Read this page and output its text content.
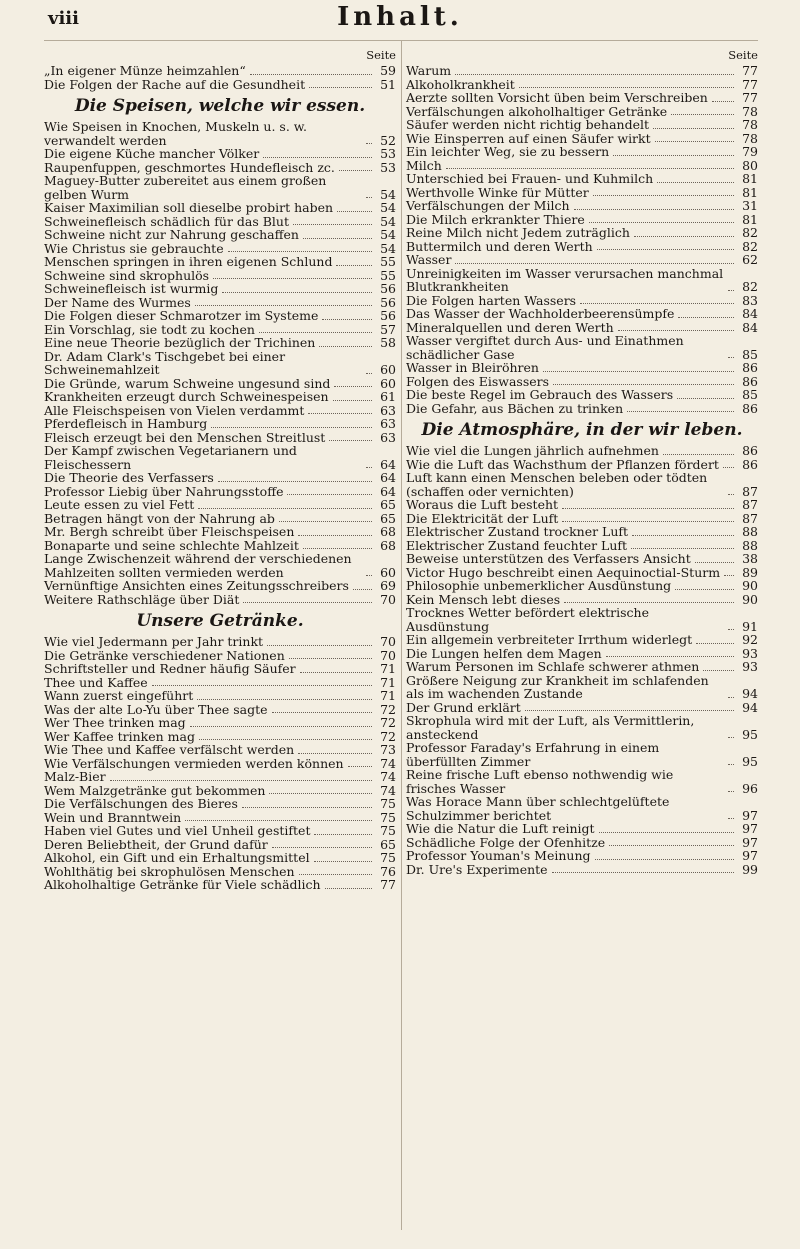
viii	Inhalt.
Seite
„In eigener Münze heimzahlen“	59
Die Folgen der Rache auf die Gesundheit	51
Die Speisen, welche wir essen.
Wie Speisen in Knochen, Muskeln u. s. w. verwandelt werden	52
Die eigene Küche mancher Völker	53
Raupenfuppen, geschmortes Hundefleisch zc.	53
Maguey-Butter zubereitet aus einem großen gelben Wurm	54
Kaiser Maximilian soll dieselbe probirt haben	54
Schweinefleisch schädlich für das Blut	54
Schweine nicht zur Nahrung geschaffen	54
Wie Christus sie gebrauchte	54
Menschen springen in ihren eigenen Schlund	55
Schweine sind skrophulös	55
Schweinefleisch ist wurmig	56
Der Name des Wurmes	56
Die Folgen dieser Schmarotzer im Systeme	56
Ein Vorschlag, sie todt zu kochen	57
Eine neue Theorie bezüglich der Trichinen	58
Dr. Adam Clark's Tischgebet bei einer Schweinemahlzeit	60
Die Gründe, warum Schweine ungesund sind	60
Krankheiten erzeugt durch Schweinespeisen	61
Alle Fleischspeisen von Vielen verdammt	63
Pferdefleisch in Hamburg	63
Fleisch erzeugt bei den Menschen Streitlust	63
Der Kampf zwischen Vegetarianern und Fleischessern	64
Die Theorie des Verfassers	64
Professor Liebig über Nahrungsstoffe	64
Leute essen zu viel Fett	65
Betragen hängt von der Nahrung ab	65
Mr. Bergh schreibt über Fleischspeisen	68
Bonaparte und seine schlechte Mahlzeit	68
Lange Zwischenzeit während der verschiedenen Mahlzeiten sollten vermieden werden	60
Vernünftige Ansichten eines Zeitungsschreibers	69
Weitere Rathschläge über Diät	70
Unsere Getränke.
Wie viel Jedermann per Jahr trinkt	70
Die Getränke verschiedener Nationen	70
Schriftsteller und Redner häufig Säufer	71
Thee und Kaffee	71
Wann zuerst eingeführt	71
Was der alte Lo-Yu über Thee sagte	72
Wer Thee trinken mag	72
Wer Kaffee trinken mag	72
Wie Thee und Kaffee verfälscht werden	73
Wie Verfälschungen vermieden werden können	74
Malz-Bier	74
Wem Malzgetränke gut bekommen	74
Die Verfälschungen des Bieres	75
Wein und Branntwein	75
Haben viel Gutes und viel Unheil gestiftet	75
Deren Beliebtheit, der Grund dafür	65
Alkohol, ein Gift und ein Erhaltungsmittel	75
Wohlthätig bei skrophulösen Menschen	76
Alkoholhaltige Getränke für Viele schädlich	77
Seite
Warum	77
Alkoholkrankheit	77
Aerzte sollten Vorsicht üben beim Verschreiben	77
Verfälschungen alkoholhaltiger Getränke	78
Säufer werden nicht richtig behandelt	78
Wie Einsperren auf einen Säufer wirkt	78
Ein leichter Weg, sie zu bessern	79
Milch	80
Unterschied bei Frauen- und Kuhmilch	81
Werthvolle Winke für Mütter	81
Verfälschungen der Milch	31
Die Milch erkrankter Thiere	81
Reine Milch nicht Jedem zuträglich	82
Buttermilch und deren Werth	82
Wasser	62
Unreinigkeiten im Wasser verursachen manchmal Blutkrankheiten	82
Die Folgen harten Wassers	83
Das Wasser der Wachholderbeerensümpfe	84
Mineralquellen und deren Werth	84
Wasser vergiftet durch Aus- und Einathmen schädlicher Gase	85
Wasser in Bleiröhren	86
Folgen des Eiswassers	86
Die beste Regel im Gebrauch des Wassers	85
Die Gefahr, aus Bächen zu trinken	86
Die Atmosphäre, in der wir leben.
Wie viel die Lungen jährlich aufnehmen	86
Wie die Luft das Wachsthum der Pflanzen fördert	86
Luft kann einen Menschen beleben oder tödten (schaffen oder vernichten)	87
Woraus die Luft besteht	87
Die Elektricität der Luft	87
Elektrischer Zustand trockner Luft	88
Elektrischer Zustand feuchter Luft	88
Beweise unterstützen des Verfassers Ansicht	38
Victor Hugo beschreibt einen Aequinoctial-Sturm	89
Philosophie unbemerklicher Ausdünstung	90
Kein Mensch lebt dieses	90
Trocknes Wetter befördert elektrische Ausdünstung	91
Ein allgemein verbreiteter Irrthum widerlegt	92
Die Lungen helfen dem Magen	93
Warum Personen im Schlafe schwerer athmen	93
Größere Neigung zur Krankheit im schlafenden als im wachenden Zustande	94
Der Grund erklärt	94
Skrophula wird mit der Luft, als Vermittlerin, ansteckend	95
Professor Faraday's Erfahrung in einem überfüllten Zimmer	95
Reine frische Luft ebenso nothwendig wie frisches Wasser	96
Was Horace Mann über schlechtgelüftete Schulzimmer berichtet	97
Wie die Natur die Luft reinigt	97
Schädliche Folge der Ofenhitze	97
Professor Youman's Meinung	97
Dr. Ure's Experimente	99
